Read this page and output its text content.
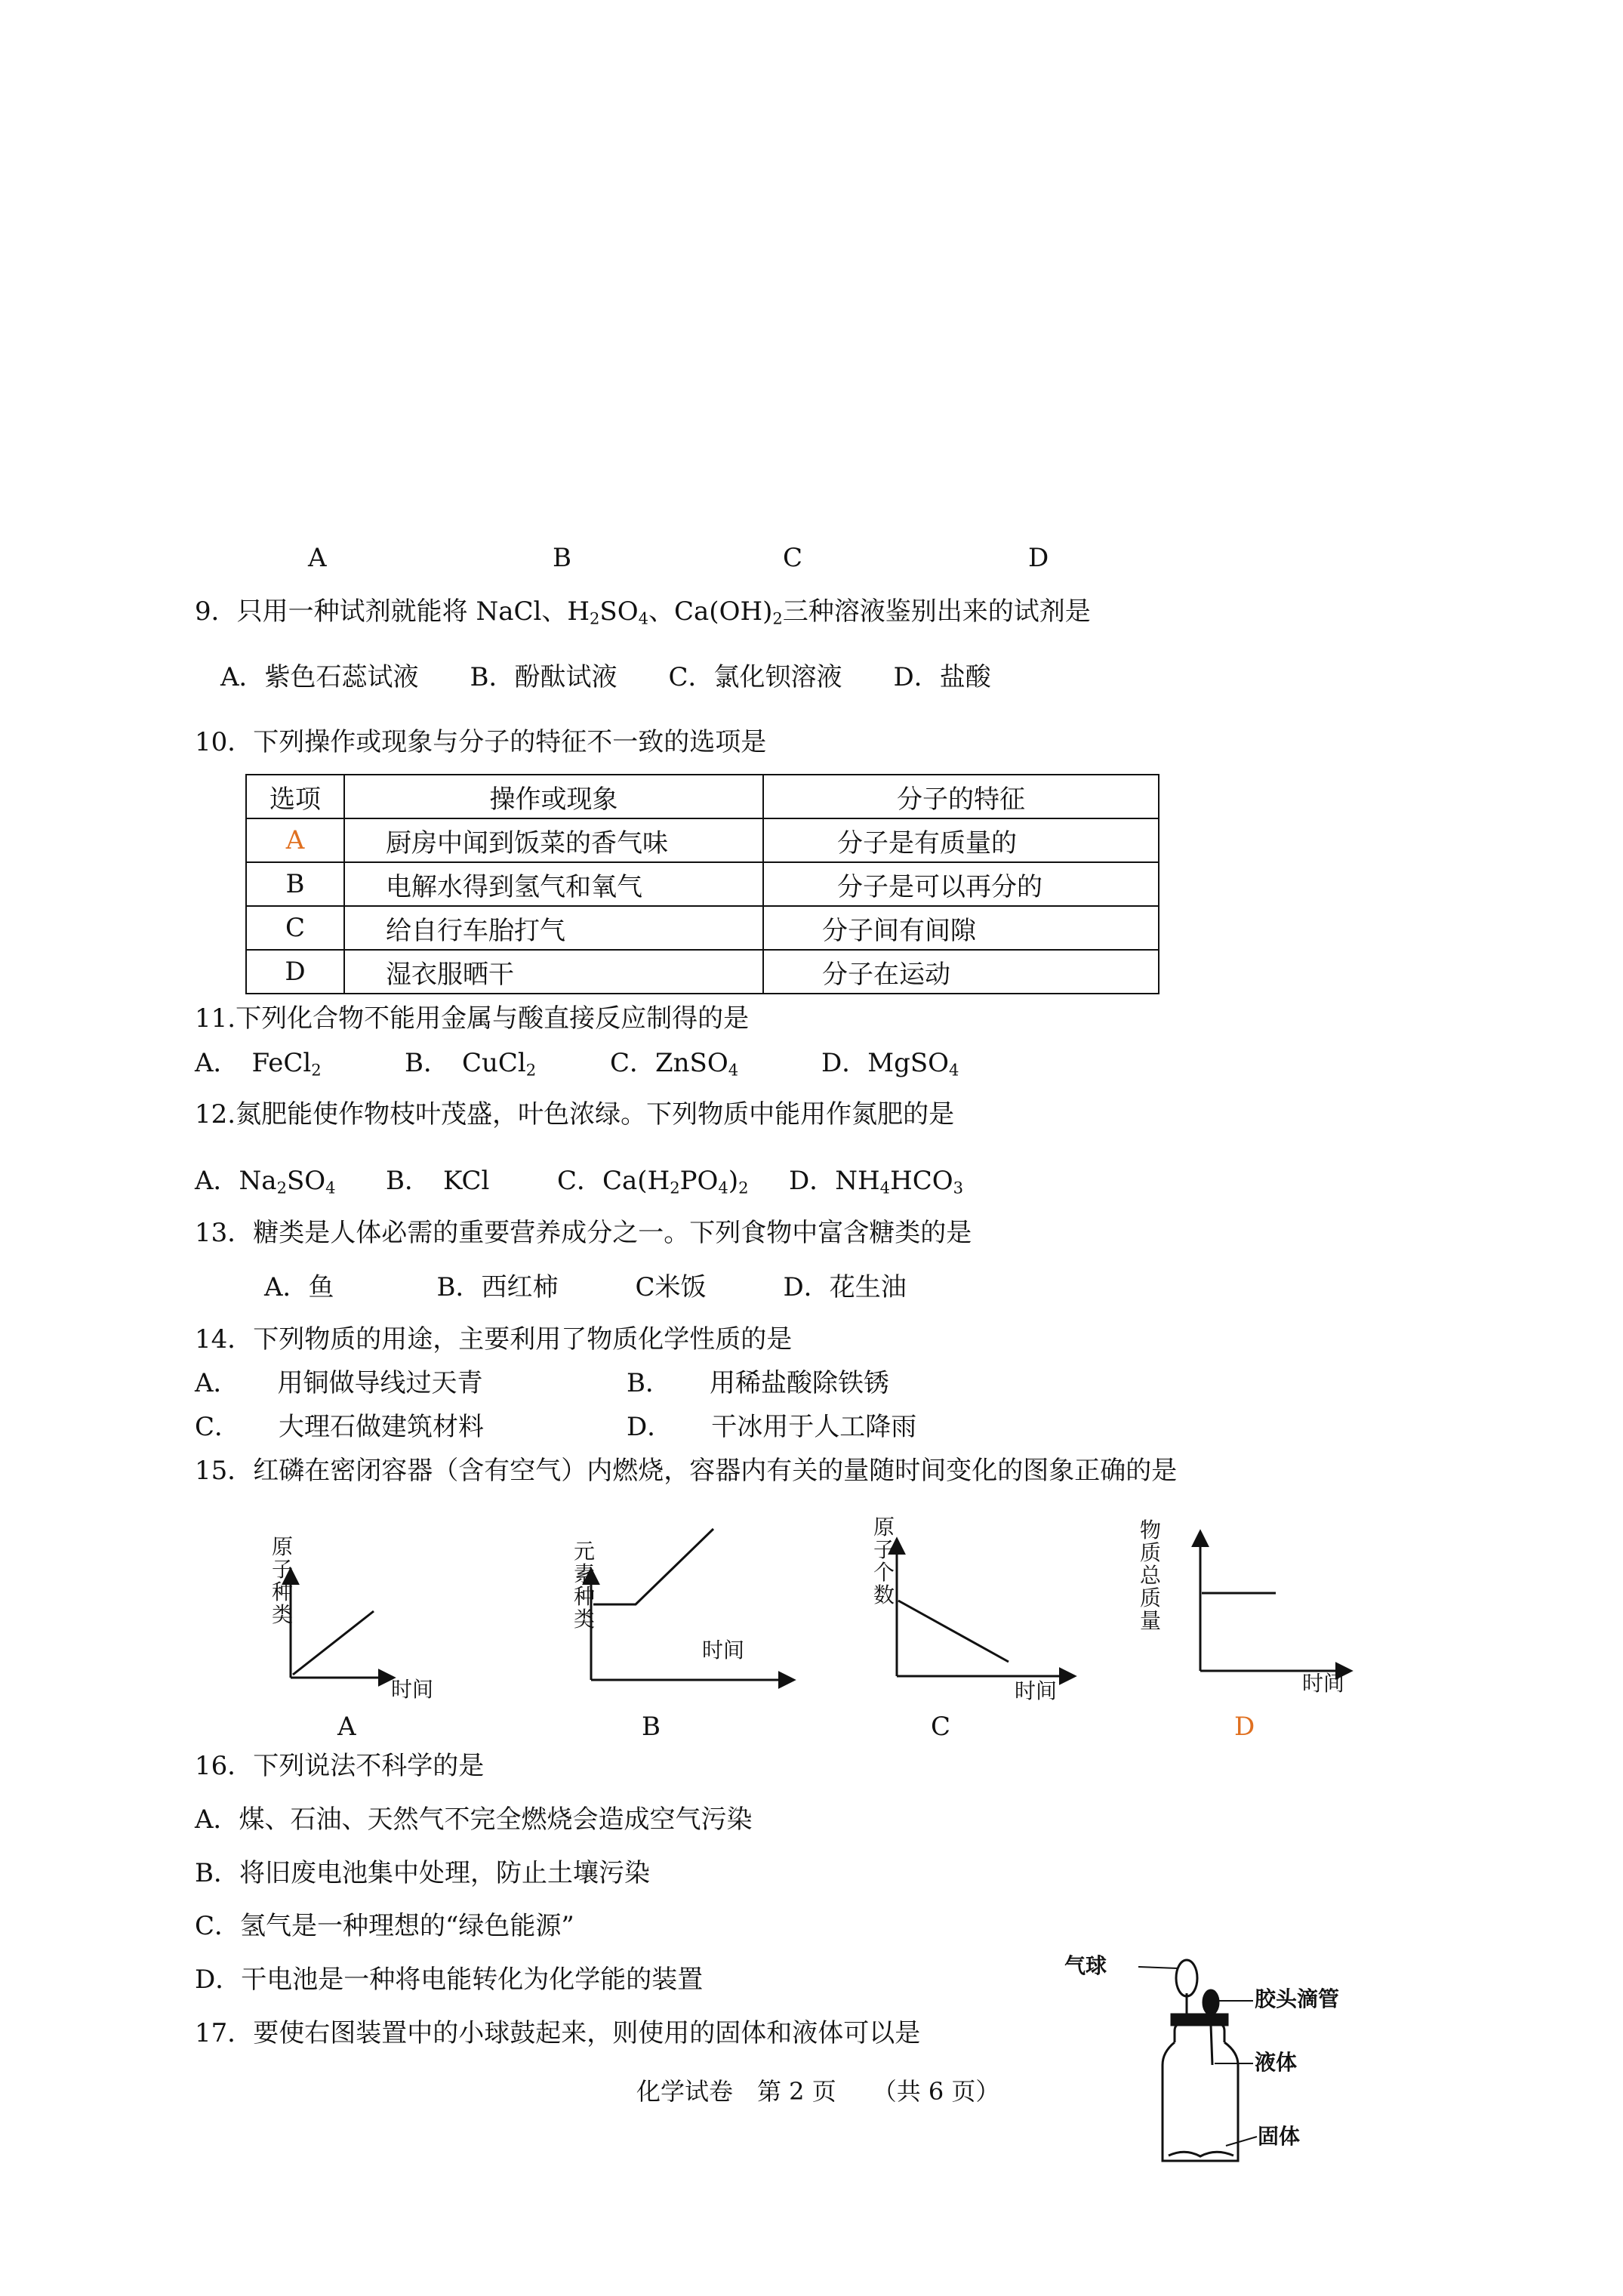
A	B	C	D
9．只用一种试剂就能将 NaCl、$H_2SO_4$、$Ca(OH)_2$三种溶液鉴别出来的试剂是
A．紫色石蕊试液　　B．酚酞试液　　C．氯化钡溶液　　D．盐酸
10．下列操作或现象与分子的特征不一致的选项是
选项	操作或现象	分子的特征
A	厨房中闻到饭菜的香气味	分子是有质量的
B	电解水得到氢气和氧气	分子是可以再分的
C	给自行车胎打气	分子间有间隙
D	湿衣服晒干	分子在运动
11.下列化合物不能用金属与酸直接反应制得的是
A．　FeCl$_2$	B．　CuCl$_2$	C．ZnSO$_4$	D．MgSO$_4$
12.氮肥能使作物枝叶茂盛，叶色浓绿。下列物质中能用作氮肥的是
A．$Na_2SO_4$ B．　KCl	C．$Ca(H_2PO_4)_2$ D．$NH_4HCO_3$
13．糖类是人体必需的重要营养成分之一。下列食物中富含糖类的是
A．鱼　　　　B．西红柿　　　C米饭　　　D．花生油
14．下列物质的用途，主要利用了物质化学性质的是
A．　　用铜做导线过天青	B．　　用稀盐酸除铁锈
C．　　大理石做建筑材料	D．　　干冰用于人工降雨
15．红磷在密闭容器（含有空气）内燃烧，容器内有关的量随时间变化的图象正确的是
原子种类
时间
A
元素种类
时间
B
原子个数
时间
C
物质总质量
时间
D
16．下列说法不科学的是
A．煤、石油、天然气不完全燃烧会造成空气污染
B．将旧废电池集中处理，防止土壤污染
C．氢气是一种理想的“绿色能源”
D．干电池是一种将电能转化为化学能的装置
17．要使右图装置中的小球鼓起来，则使用的固体和液体可以是
气球
胶头滴管
液体
固体
化学试卷　第 2 页　　（共 6 页）
